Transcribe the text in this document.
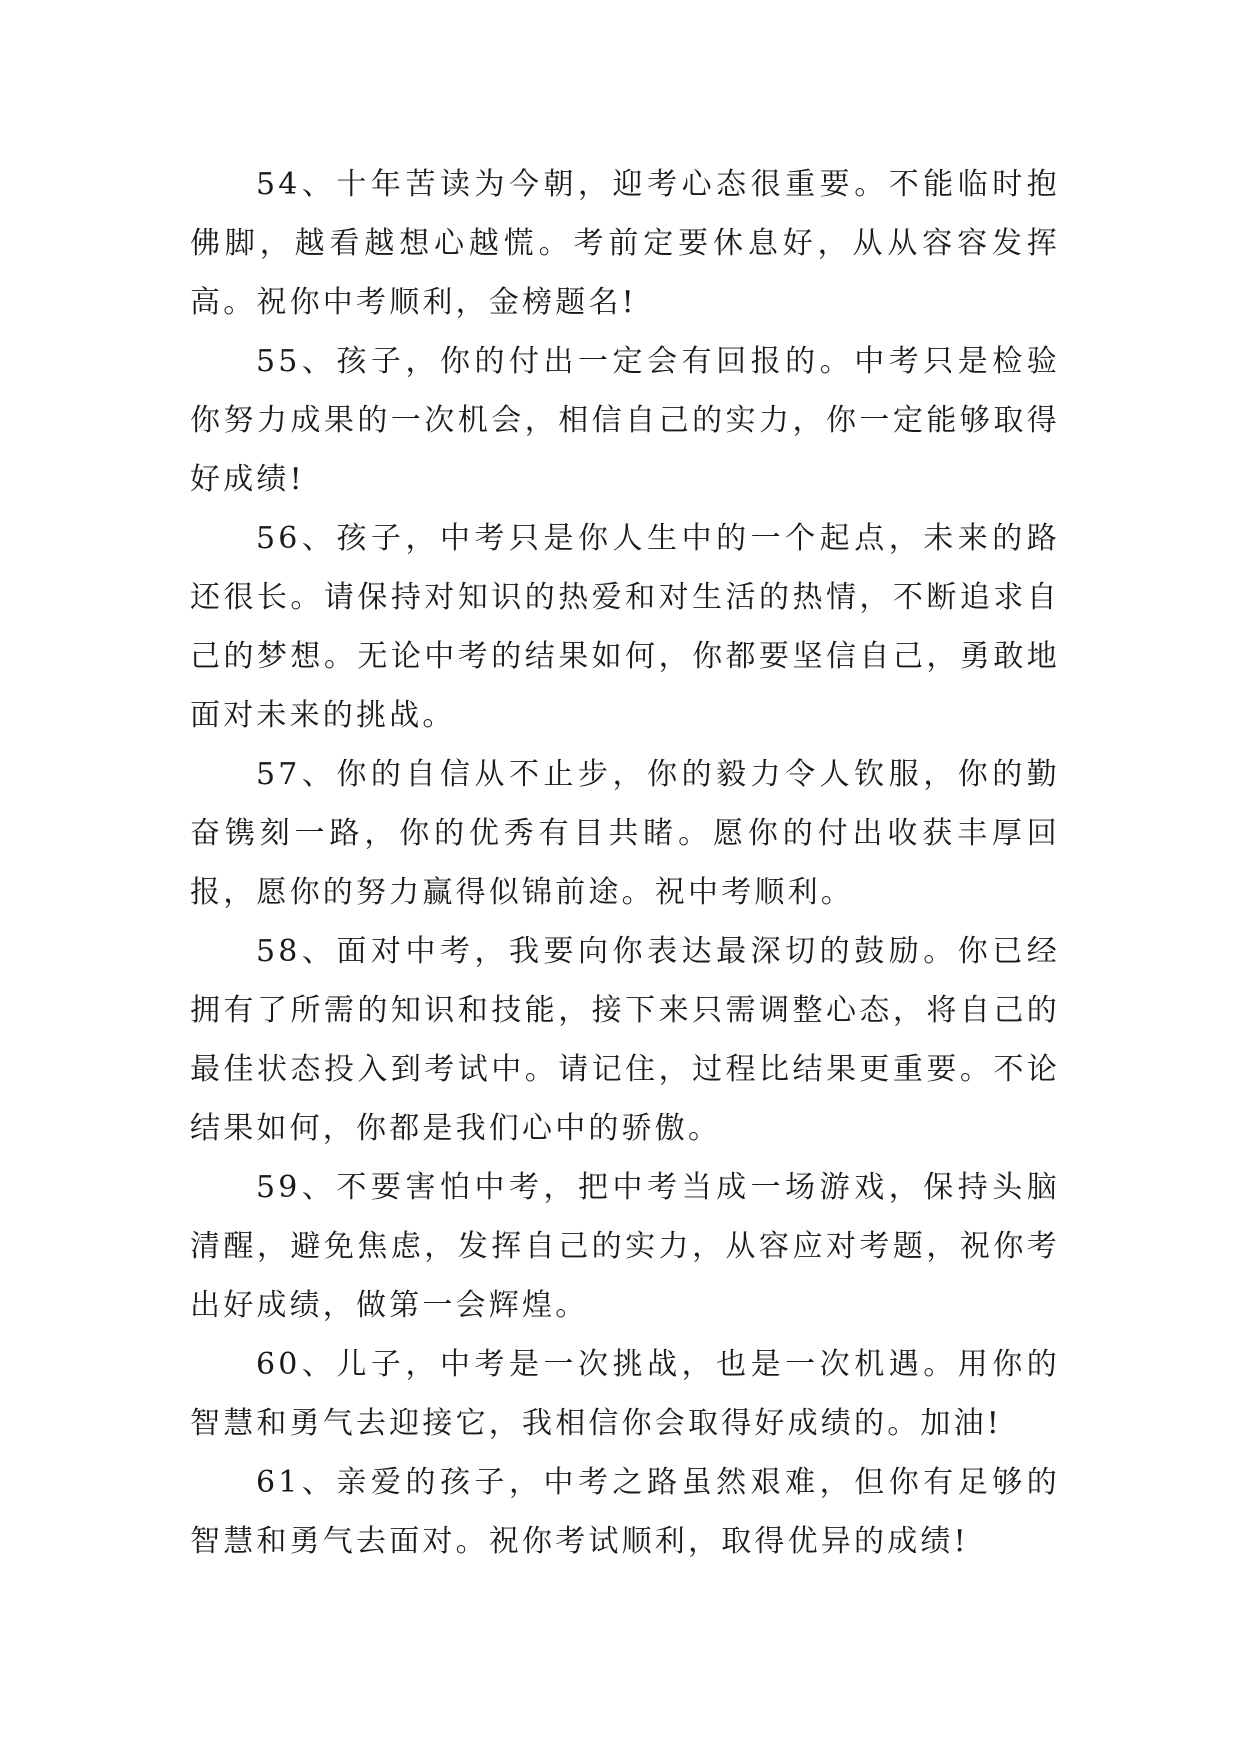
54、十年苦读为今朝，迎考心态很重要。不能临时抱佛脚，越看越想心越慌。考前定要休息好，从从容容发挥高。祝你中考顺利，金榜题名!

55、孩子，你的付出一定会有回报的。中考只是检验你努力成果的一次机会，相信自己的实力，你一定能够取得好成绩!

56、孩子，中考只是你人生中的一个起点，未来的路还很长。请保持对知识的热爱和对生活的热情，不断追求自己的梦想。无论中考的结果如何，你都要坚信自己，勇敢地面对未来的挑战。

57、你的自信从不止步，你的毅力令人钦服，你的勤奋镌刻一路，你的优秀有目共睹。愿你的付出收获丰厚回报，愿你的努力赢得似锦前途。祝中考顺利。

58、面对中考，我要向你表达最深切的鼓励。你已经拥有了所需的知识和技能，接下来只需调整心态，将自己的最佳状态投入到考试中。请记住，过程比结果更重要。不论结果如何，你都是我们心中的骄傲。

59、不要害怕中考，把中考当成一场游戏，保持头脑清醒，避免焦虑，发挥自己的实力，从容应对考题，祝你考出好成绩，做第一会辉煌。

60、儿子，中考是一次挑战，也是一次机遇。用你的智慧和勇气去迎接它，我相信你会取得好成绩的。加油!

61、亲爱的孩子，中考之路虽然艰难，但你有足够的智慧和勇气去面对。祝你考试顺利，取得优异的成绩!
